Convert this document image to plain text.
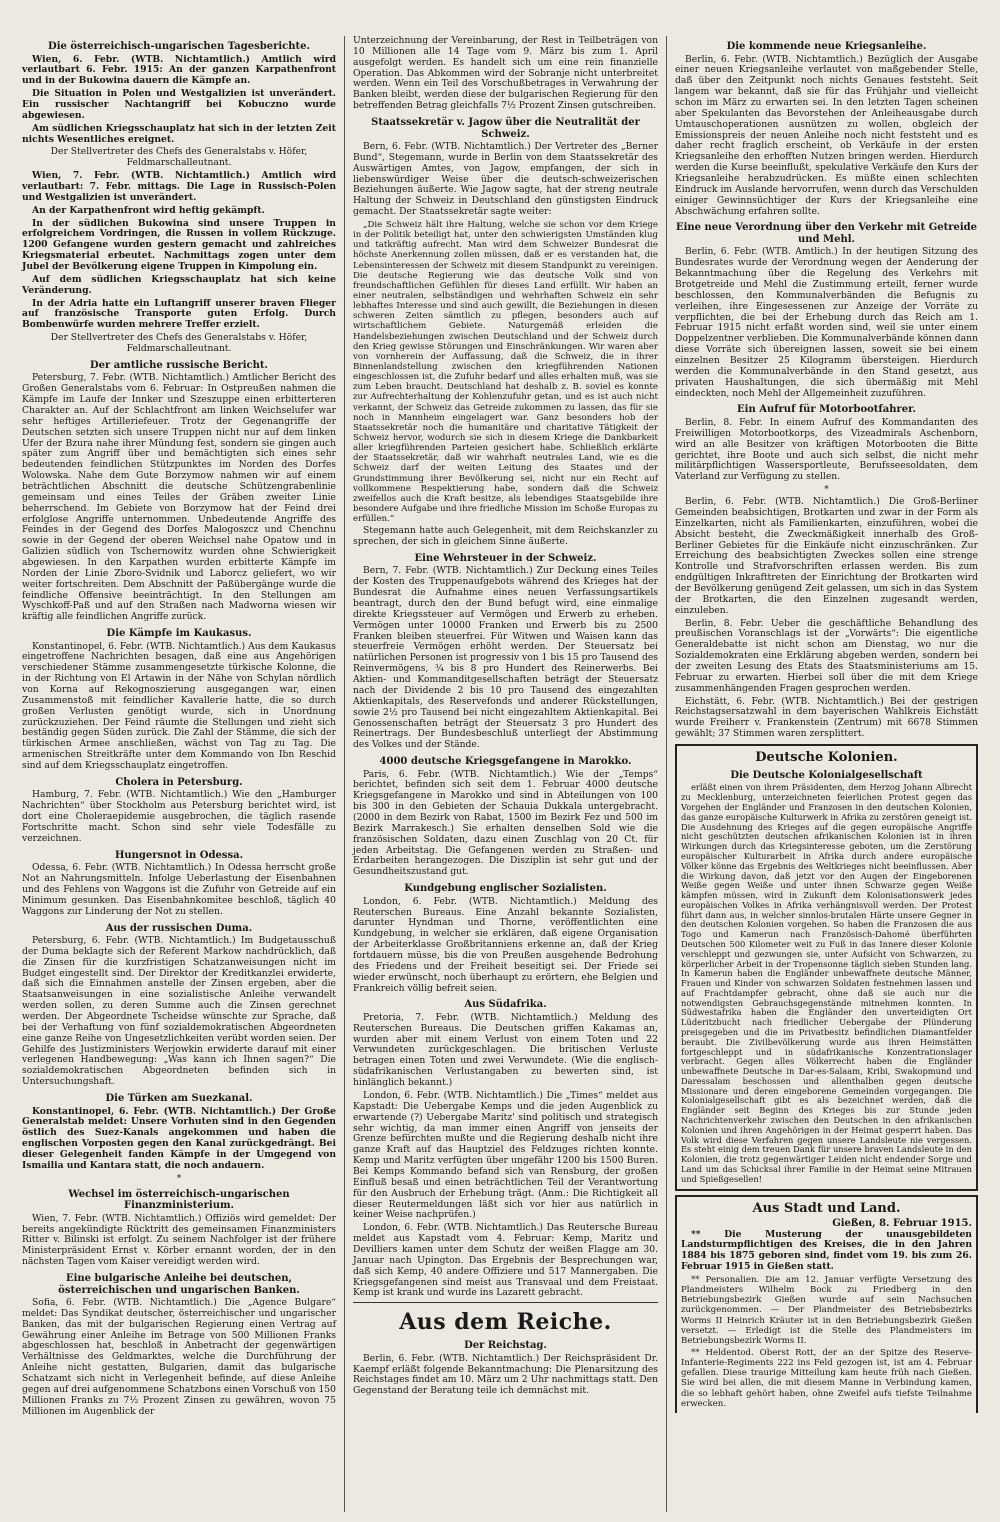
Die österreichisch-ungarischen Tagesberichte.

Wien, 6. Febr. (WTB. Nichtamtlich.) Amtlich wird verlautbart 6. Febr. 1915: An der ganzen Karpathenfront und in der Bukowina dauern die Kämpfe an.

Die Situation in Polen und Westgalizien ist unverändert. Ein russischer Nachtangriff bei Kobuczno wurde abgewiesen.

Am südlichen Kriegsschauplatz hat sich in der letzten Zeit nichts Wesentliches ereignet.

Der Stellvertreter des Chefs des Generalstabs v. Höfer, Feldmarschalleutnant.

Wien, 7. Febr. (WTB. Nichtamtlich.) Amtlich wird verlautbart: 7. Febr. mittags. Die Lage in Russisch-Polen und Westgalizien ist unverändert.

An der Karpathenfront wird heftig gekämpft.

In der südlichen Bukowina sind unsere Truppen in erfolgreichem Vordringen, die Russen in vollem Rückzuge. 1200 Gefangene wurden gestern gemacht und zahlreiches Kriegsmaterial erbeutet. Nachmittags zogen unter dem Jubel der Bevölkerung eigene Truppen in Kimpolung ein.

Auf dem südlichen Kriegsschauplatz hat sich keine Veränderung.

In der Adria hatte ein Luftangriff unserer braven Flieger auf französische Transporte guten Erfolg. Durch Bombenwürfe wurden mehrere Treffer erzielt.

Der Stellvertreter des Chefs des Generalstabs v. Höfer, Feldmarschalleutnant.

Der amtliche russische Bericht.

Petersburg, 7. Febr. (WTB. Nichtamtlich.) Amtlicher Bericht des Großen Generalstabs vom 6. Februar: In Ostpreußen nahmen die Kämpfe im Laufe der Innker und Szeszuppe einen erbitterteren Charakter an. Auf der Schlachtfront am linken Weichselufer war sehr heftiges Artilleriefeuer. Trotz der Gegenangriffe der Deutschen setzten sich unsere Truppen nicht nur auf dem linken Ufer der Bzura nahe ihrer Mündung fest, sondern sie gingen auch später zum Angriff über und bemächtigten sich eines sehr bedeutenden feindlichen Stützpunktes im Norden des Dorfes Wolowska. Nahe dem Gute Borzymow nahmen wir auf einem beträchtlichen Abschnitt die deutsche Schützengrabenlinie gemeinsam und eines Teiles der Gräben zweiter Linie beherrschend. Im Gebiete von Borzymow hat der Feind drei erfolglose Angriffe unternommen. Unbedeutende Angriffe des Feindes in der Gegend des Dorfes Malogoszcz und Chenchnu sowie in der Gegend der oberen Weichsel nahe Opatow und in Galizien südlich von Tschernowitz wurden ohne Schwierigkeit abgewiesen. In den Karpathen wurden erbitterte Kämpfe im Norden der Linie Zboro-Svidnik und Laborcz geliefert, wo wir weiter fortschreiten. Dem Abschnitt der Paßübergänge wurde die feindliche Offensive beeinträchtigt. In den Stellungen am Wyschkoff-Paß und auf den Straßen nach Madworna wiesen wir kräftig alle feindlichen Angriffe zurück.

Die Kämpfe im Kaukasus.

Konstantinopel, 6. Febr. (WTB. Nichtamtlich.) Aus dem Kaukasus eingetroffene Nachrichten besagen, daß eine aus Angehörigen verschiedener Stämme zusammengesetzte türkische Kolonne, die in der Richtung von El Artawin in der Nähe von Schylan nördlich von Korna auf Rekognoszierung ausgegangen war, einen Zusammenstoß mit feindlicher Kavallerie hatte, die so durch großen Verlusten genötigt wurde, sich in Unordnung zurückzuziehen. Der Feind räumte die Stellungen und zieht sich beständig gegen Süden zurück. Die Zahl der Stämme, die sich der türkischen Armee anschließen, wächst von Tag zu Tag. Die armenischen Streitkräfte unter dem Kommando von Ibn Reschid sind auf dem Kriegsschauplatz eingetroffen.

Cholera in Petersburg.

Hamburg, 7. Febr. (WTB. Nichtamtlich.) Wie den „Hamburger Nachrichten“ über Stockholm aus Petersburg berichtet wird, ist dort eine Choleraepidemie ausgebrochen, die täglich rasende Fortschritte macht. Schon sind sehr viele Todesfälle zu verzeichnen.

Hungersnot in Odessa.

Odessa, 6. Febr. (WTB. Nichtamtlich.) In Odessa herrscht große Not an Nahrungsmitteln. Infolge Ueberlastung der Eisenbahnen und des Fehlens von Waggons ist die Zufuhr von Getreide auf ein Minimum gesunken. Das Eisenbahnkomitee beschloß, täglich 40 Waggons zur Linderung der Not zu stellen.

Aus der russischen Duma.

Petersburg, 6. Febr. (WTB. Nichtamtlich.) Im Budgetausschuß der Duma beklagte sich der Referent Markow nachdrücklich, daß die Zinsen für die kurzfristigen Schatzanweisungen nicht im Budget eingestellt sind. Der Direktor der Kreditkanzlei erwiderte, daß sich die Einnahmen anstelle der Zinsen ergeben, aber die Staatsanweisungen in eine sozialistische Anleihe verwandelt werden sollen, zu deren Summe auch die Zinsen gerechnet werden. Der Abgeordnete Tscheidse wünschte zur Sprache, daß bei der Verhaftung von fünf sozialdemokratischen Abgeordneten eine ganze Reihe von Ungesetzlichkeiten verübt worden seien. Der Gehilfe des Justizministers Werjowkin erwiderte darauf mit einer verlegenen Handbewegung: „Was kann ich Ihnen sagen?“ Die sozialdemokratischen Abgeordneten befinden sich in Untersuchungshaft.

Die Türken am Suezkanal.

Konstantinopel, 6. Febr. (WTB. Nichtamtlich.) Der Große Generalstab meldet: Unsere Vorhuten sind in den Gegenden östlich des Suez-Kanals angekommen und haben die englischen Vorposten gegen den Kanal zurückgedrängt. Bei dieser Gelegenheit fanden Kämpfe in der Umgegend von Ismailia und Kantara statt, die noch andauern.

*
Wechsel im österreichisch-ungarischen Finanzministerium.

Wien, 7. Febr. (WTB. Nichtamtlich.) Offiziös wird gemeldet: Der bereits angekündigte Rücktritt des gemeinsamen Finanzministers Ritter v. Bilinski ist erfolgt. Zu seinem Nachfolger ist der frühere Ministerpräsident Ernst v. Körber ernannt worden, der in den nächsten Tagen vom Kaiser vereidigt werden wird.

Eine bulgarische Anleihe bei deutschen, österreichischen und ungarischen Banken.

Sofia, 6. Febr. (WTB. Nichtamtlich.) Die „Agence Bulgare“ meldet: Das Syndikat deutscher, österreichischer und ungarischer Banken, das mit der bulgarischen Regierung einen Vertrag auf Gewährung einer Anleihe im Betrage von 500 Millionen Franks abgeschlossen hat, beschloß in Anbetracht der gegenwärtigen Verhältnisse des Geldmarktes, welche die Durchführung der Anleihe nicht gestatten, Bulgarien, damit das bulgarische Schatzamt sich nicht in Verlegenheit befinde, auf diese Anleihe gegen auf drei aufgenommene Schatzbons einen Vorschuß von 150 Millionen Franks zu 7½ Prozent Zinsen zu gewähren, wovon 75 Millionen im Augenblick der

Unterzeichnung der Vereinbarung, der Rest in Teilbeträgen von 10 Millionen alle 14 Tage vom 9. März bis zum 1. April ausgefolgt werden. Es handelt sich um eine rein finanzielle Operation. Das Abkommen wird der Sobranje nicht unterbreitet werden. Wenn ein Teil des Vorschußbetrages in Verwahrung der Banken bleibt, werden diese der bulgarischen Regierung für den betreffenden Betrag gleichfalls 7½ Prozent Zinsen gutschreiben.

Staatssekretär v. Jagow über die Neutralität der Schweiz.

Bern, 6. Febr. (WTB. Nichtamtlich.) Der Vertreter des „Berner Bund“, Stegemann, wurde in Berlin von dem Staatssekretär des Auswärtigen Amtes, von Jagow, empfangen, der sich in liebenswürdiger Weise über die deutsch-schweizerischen Beziehungen äußerte. Wie Jagow sagte, hat der streng neutrale Haltung der Schweiz in Deutschland den günstigsten Eindruck gemacht. Der Staatssekretär sagte weiter:

„Die Schweiz hält ihre Haltung, welche sie schon vor dem Kriege in der Politik beteiligt hat, unter den schwierigsten Umständen klug und tatkräftig aufrecht. Man wird dem Schweizer Bundesrat die höchste Anerkennung zollen müssen, daß er es verstanden hat, die Lebensinteressen der Schweiz mit diesem Standpunkt zu vereinigen. Die deutsche Regierung wie das deutsche Volk sind von freundschaftlichen Gefühlen für dieses Land erfüllt. Wir haben an einer neutralen, selbständigen und wehrhaften Schweiz ein sehr lebhaftes Interesse und sind auch gewillt, die Beziehungen in diesen schweren Zeiten sämtlich zu pflegen, besonders auch auf wirtschaftlichem Gebiete. Naturgemäß erleiden die Handelsbeziehungen zwischen Deutschland und der Schweiz durch den Krieg gewisse Störungen und Einschränkungen. Wir waren aber von vornherein der Auffassung, daß die Schweiz, die in ihrer Binnenlandstellung zwischen den kriegführenden Nationen eingeschlossen ist, die Zufuhr bedarf und alles erhalten muß, was sie zum Leben braucht. Deutschland hat deshalb z. B. soviel es konnte zur Aufrechterhaltung der Kohlenzufuhr getan, und es ist auch nicht verkannt, der Schweiz das Getreide zukommen zu lassen, das für sie noch in Mannheim eingelagert war. Ganz besonders hob der Staatssekretär noch die humanitäre und charitative Tätigkeit der Schweiz hervor, wodurch sie sich in diesem Kriege die Dankbarkeit aller kriegführenden Parteien gesichert habe. Schließlich erklärte der Staatssekretär, daß wir wahrhaft neutrales Land, wie es die Schweiz darf der weiten Leitung des Staates und der Grundstimmung ihrer Bevölkerung sei, nicht nur ein Recht auf vollkommene Respektierung habe, sondern daß die Schweiz zweifellos auch die Kraft besitze, als lebendiges Staatsgebilde ihre besondere Aufgabe und ihre friedliche Mission im Schoße Europas zu erfüllen.“

Stegemann hatte auch Gelegenheit, mit dem Reichskanzler zu sprechen, der sich in gleichem Sinne äußerte.

Eine Wehrsteuer in der Schweiz.

Bern, 7. Febr. (WTB. Nichtamtlich.) Zur Deckung eines Teiles der Kosten des Truppenaufgebots während des Krieges hat der Bundesrat die Aufnahme eines neuen Verfassungsartikels beantragt, durch den der Bund befugt wird, eine einmalige direkte Kriegssteuer auf Vermögen und Erwerb zu erheben. Vermögen unter 10000 Franken und Erwerb bis zu 2500 Franken bleiben steuerfrei. Für Witwen und Waisen kann das steuerfreie Vermögen erhöht werden. Der Steuersatz bei natürlichen Personen ist progressiv von 1 bis 15 pro Tausend des Reinvermögens, ¾ bis 8 pro Hundert des Reinerwerbs. Bei Aktien- und Kommanditgesellschaften beträgt der Steuersatz nach der Dividende 2 bis 10 pro Tausend des eingezahlten Aktienkapitals, des Reservefonds und anderer Rückstellungen, sowie 2½ pro Tausend bei nicht eingezahltem Aktienkapital. Bei Genossenschaften beträgt der Steuersatz 3 pro Hundert des Reinertrags. Der Bundesbeschluß unterliegt der Abstimmung des Volkes und der Stände.

4000 deutsche Kriegsgefangene in Marokko.

Paris, 6. Febr. (WTB. Nichtamtlich.) Wie der „Temps“ berichtet, befinden sich seit dem 1. Februar 4000 deutsche Kriegsgefangene in Marokko und sind in Abteilungen von 100 bis 300 in den Gebieten der Schauia Dukkala untergebracht. (2000 in dem Bezirk von Rabat, 1500 im Bezirk Fez und 500 im Bezirk Marrakesch.) Sie erhalten denselben Sold wie die französischen Soldaten, dazu einen Zuschlag von 20 Ct. für jeden Arbeitstag. Die Gefangenen werden zu Straßen- und Erdarbeiten herangezogen. Die Disziplin ist sehr gut und der Gesundheitszustand gut.

Kundgebung englischer Sozialisten.

London, 6. Febr. (WTB. Nichtamtlich.) Meldung des Reuterschen Bureaus. Eine Anzahl bekannte Sozialisten, darunter Hyndman und Thorne, veröffentlichten eine Kundgebung, in welcher sie erklären, daß eigene Organisation der Arbeiterklasse Großbritanniens erkenne an, daß der Krieg fortdauern müsse, bis die von Preußen ausgehende Bedrohung des Friedens und der Freiheit beseitigt sei. Der Friede sei wieder erwünscht, noch überhaupt zu erörtern, ehe Belgien und Frankreich völlig befreit seien.

Aus Südafrika.

Pretoria, 7. Febr. (WTB. Nichtamtlich.) Meldung des Reuterschen Bureaus. Die Deutschen griffen Kakamas an, wurden aber mit einem Verlust von einem Toten und 22 Verwundeten zurückgeschlagen. Die britischen Verluste betragen einen Toten und zwei Verwundete. (Wie die englisch-südafrikanischen Verlustangaben zu bewerten sind, ist hinlänglich bekannt.)

London, 6. Febr. (WTB. Nichtamtlich.) Die „Times“ meldet aus Kapstadt: Die Uebergabe Kemps und die jeden Augenblick zu erwartende (?) Uebergabe Maritz' sind politisch und strategisch sehr wichtig, da man immer einen Angriff von jenseits der Grenze befürchten mußte und die Regierung deshalb nicht ihre ganze Kraft auf das Hauptziel des Feldzuges richten konnte. Kemp und Maritz verfügten über ungefähr 1200 bis 1500 Buren. Bei Kemps Kommando befand sich van Rensburg, der großen Einfluß besaß und einen beträchtlichen Teil der Verantwortung für den Ausbruch der Erhebung trägt. (Anm.: Die Richtigkeit all dieser Reutermeldungen läßt sich vor hier aus natürlich in keiner Weise nachprüfen.)

London, 6. Febr. (WTB. Nichtamtlich.) Das Reutersche Bureau meldet aus Kapstadt vom 4. Februar: Kemp, Maritz und Devilliers kamen unter dem Schutz der weißen Flagge am 30. Januar nach Upington. Das Ergebnis der Besprechungen war, daß sich Kemp, 40 andere Offiziere und 517 Mannergaben. Die Kriegsgefangenen sind meist aus Transvaal und dem Freistaat. Kemp ist krank und wurde ins Lazarett gebracht.

Aus dem Reiche.
Der Reichstag.

Berlin, 6. Febr. (WTB. Nichtamtlich.) Der Reichspräsident Dr. Kaempf erläßt folgende Bekanntmachung: Die Plenarsitzung des Reichstages findet am 10. März um 2 Uhr nachmittags statt. Den Gegenstand der Beratung teile ich demnächst mit.

Die kommende neue Kriegsanleihe.

Berlin, 6. Febr. (WTB. Nichtamtlich.) Bezüglich der Ausgabe einer neuen Kriegsanleihe verlautet von maßgebender Stelle, daß über den Zeitpunkt noch nichts Genaues feststeht. Seit langem war bekannt, daß sie für das Frühjahr und vielleicht schon im März zu erwarten sei. In den letzten Tagen scheinen aber Spekulanten das Bevorstehen der Anleiheausgabe durch Umtauschoperationen ausnützen zu wollen, obgleich der Emissionspreis der neuen Anleihe noch nicht feststeht und es daher recht fraglich erscheint, ob Verkäufe in der ersten Kriegsanleihe den erhofften Nutzen bringen werden. Hierdurch werden die Kurse beeinflußt, spekulative Verkäufe den Kurs der Kriegsanleihe herabzudrücken. Es müßte einen schlechten Eindruck im Auslande hervorrufen, wenn durch das Verschulden einiger Gewinnsüchtiger der Kurs der Kriegsanleihe eine Abschwächung erfahren sollte.

Eine neue Verordnung über den Verkehr mit Getreide und Mehl.

Berlin, 6. Febr. (WTB. Amtlich.) In der heutigen Sitzung des Bundesrates wurde der Verordnung wegen der Aenderung der Bekanntmachung über die Regelung des Verkehrs mit Brotgetreide und Mehl die Zustimmung erteilt, ferner wurde beschlossen, den Kommunalverbänden die Befugnis zu verleihen, ihre Eingesessenen zur Anzeige der Vorräte zu verpflichten, die bei der Erhebung durch das Reich am 1. Februar 1915 nicht erfaßt worden sind, weil sie unter einem Doppelzentner verblieben. Die Kommunalverbände können dann diese Vorräte sich übereignen lassen, soweit sie bei einem einzelnen Besitzer 25 Kilogramm übersteigen. Hierdurch werden die Kommunalverbände in den Stand gesetzt, aus privaten Haushaltungen, die sich übermäßig mit Mehl eindeckten, noch Mehl der Allgemeinheit zuzuführen.

Ein Aufruf für Motorbootfahrer.

Berlin, 8. Febr. In einem Aufruf des Kommandanten des Freiwilligen Motorbootkorps, des Vizeadmirals Aschenborn, wird an alle Besitzer von kräftigen Motorbooten die Bitte gerichtet, ihre Boote und auch sich selbst, die nicht mehr militärpflichtigen Wassersportleute, Berufsseesoldaten, dem Vaterland zur Verfügung zu stellen.

*

Berlin, 6. Febr. (WTB. Nichtamtlich.) Die Groß-Berliner Gemeinden beabsichtigen, Brotkarten und zwar in der Form als Einzelkarten, nicht als Familienkarten, einzuführen, wobei die Absicht besteht, die Zweckmäßigkeit innerhalb des Groß-Berliner Gebietes für die Einkäufe nicht einzuschränken. Zur Erreichung des beabsichtigten Zweckes sollen eine strenge Kontrolle und Strafvorschriften erlassen werden. Bis zum endgültigen Inkrafttreten der Einrichtung der Brotkarten wird der Bevölkerung genügend Zeit gelassen, um sich in das System der Brotkarten, die den Einzelnen zugesandt werden, einzuleben.

Berlin, 8. Febr. Ueber die geschäftliche Behandlung des preußischen Voranschlags ist der „Vorwärts“: Die eigentliche Generaldebatte ist nicht schon am Dienstag, wo nur die Sozialdemokraten eine Erklärung abgeben werden, sondern bei der zweiten Lesung des Etats des Staatsministeriums am 15. Februar zu erwarten. Hierbei soll über die mit dem Kriege zusammenhängenden Fragen gesprochen werden.

Eichstätt, 6. Febr. (WTB. Nichtamtlich.) Bei der gestrigen Reichstagsersatzwahl in dem bayerischen Wahlkreis Eichstätt wurde Freiherr v. Frankenstein (Zentrum) mit 6678 Stimmen gewählt; 37 Stimmen waren zersplittert.

Deutsche Kolonien.
Die Deutsche Kolonialgesellschaft

erläßt einen von ihrem Präsidenten, dem Herzog Johann Albrecht zu Mecklenburg, unterzeichneten feierlichen Protest gegen das Vorgehen der Engländer und Franzosen in den deutschen Kolonien, das ganze europäische Kulturwerk in Afrika zu zerstören geneigt ist. Die Ausdehnung des Krieges auf die gegen europäische Angriffe nicht geschützten deutschen afrikanischen Kolonien ist in ihren Wirkungen durch das Kriegsinteresse geboten, um die Zerstörung europäischer Kulturarbeit in Afrika durch andere europäische Völker könne das Ergebnis des Weltkrieges nicht beeinflussen. Aber die Wirkung davon, daß jetzt vor den Augen der Eingeborenen Weiße gegen Weiße und unter ihnen Schwarze gegen Weiße kämpfen müssen, wird in Zukunft dem Kolonisationswerk jedes europäischen Volkes in Afrika verhängnisvoll werden. Der Protest führt dann aus, in welcher sinnlos-brutalen Härte unsere Gegner in den deutschen Kolonien vorgehen. So haben die Franzosen die aus Togo und Kamerun nach Französisch-Dahomé überführten Deutschen 500 Kilometer weit zu Fuß in das Innere dieser Kolonie verschleppt und gezwungen sie, unter Aufsicht von Schwarzen, zu körperlicher Arbeit in der Tropensonne täglich sieben Stunden lang. In Kamerun haben die Engländer unbewaffnete deutsche Männer, Frauen und Kinder von schwarzen Soldaten festnehmen lassen und auf Frachtdampfer gebracht, ohne daß sie auch nur die notwendigsten Gebrauchsgegenstände mitnehmen konnten. In Südwestafrika haben die Engländer den unverteidigten Ort Lüderitzbucht nach friedlicher Uebergabe der Plünderung preisgegeben und die im Privatbesitz befindlichen Diamantfelder beraubt. Die Zivilbevölkerung wurde aus ihren Heimstätten fortgeschleppt und in südafrikanische Konzentrationslager verbracht. Gegen alles Völkerrecht haben die Engländer unbewaffnete Deutsche in Dar-es-Salaam, Kribi, Swakopmund und Daressalam beschossen und allenthalben gegen deutsche Missionare und deren eingeborene Gemeinden vorgegangen. Die Kolonialgesellschaft gibt es als bezeichnet werden, daß die Engländer seit Beginn des Krieges bis zur Stunde jeden Nachrichtenverkehr zwischen den Deutschen in den afrikanischen Kolonien und ihren Angehörigen in der Heimat gesperrt haben. Das Volk wird diese Verfahren gegen unsere Landsleute nie vergessen. Es steht einig dem treuen Dank für unsere braven Landsleute in den Kolonien, die trotz gegenwärtiger Leiden nicht endender Sorge und Land um das Schicksal ihrer Familie in der Heimat seine Mitrauen und Spießgesellen!

Aus Stadt und Land.
Gießen, 8. Februar 1915.

** Die Musterung der unausgebildeten Landsturmpflichtigen des Kreises, die in den Jahren 1884 bis 1875 geboren sind, findet vom 19. bis zum 26. Februar 1915 in Gießen statt.

** Personalien. Die am 12. Januar verfügte Versetzung des Plandmeisters Wilhelm Bock zu Friedberg in den Betriebungsbezirk Gießen wurde auf sein Nachsuchen zurückgenommen. — Der Plandmeister des Betriebsbezirks Worms II Heinrich Kräuter ist in den Betriebungsbezirk Gießen versetzt. — Erledigt ist die Stelle des Plandmeisters im Betriebungsbezirk Worms II.

** Heldentod. Oberst Rott, der an der Spitze des Reserve-Infanterie-Regiments 222 ins Feld gezogen ist, ist am 4. Februar gefallen. Diese traurige Mitteilung kam heute früh nach Gießen. Sie wird bei allen, die mit diesem Manne in Verbindung kamen, die so lebhaft gehört haben, ohne Zweifel aufs tiefste Teilnahme erwecken.
